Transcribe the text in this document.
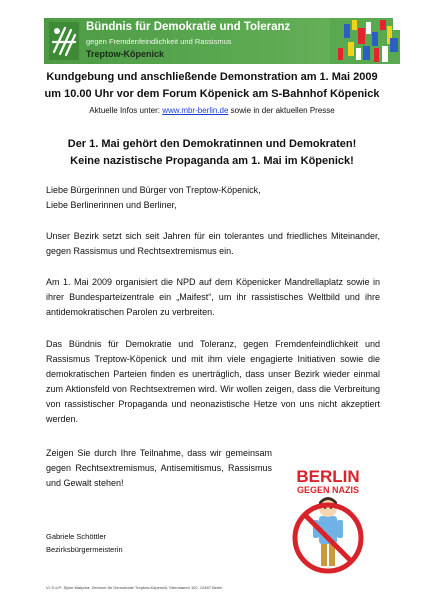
Bündnis für Demokratie und Toleranz
gegen Fremdenfeindlichkeit und Rassismus
Treptow-Köpenick
Kundgebung und anschließende Demonstration am 1. Mai 2009
um 10.00 Uhr vor dem Forum Köpenick am S-Bahnhof Köpenick
Aktuelle Infos unter: www.mbr-berlin.de sowie in der aktuellen Presse
Der 1. Mai gehört den Demokratinnen und Demokraten!
Keine nazistische Propaganda am 1. Mai im Köpenick!

Liebe Bürgerinnen und Bürger von Treptow-Köpenick,

Liebe Berlinerinnen und Berliner,

Unser Bezirk setzt sich seit Jahren für ein tolerantes und friedliches Miteinander, gegen Rassismus und Rechtsextremismus ein.

Am 1. Mai 2009 organisiert die NPD auf dem Köpenicker Mandrellaplatz sowie in ihrer Bundesparteizentrale ein „Maifest“, um ihr rassistisches Weltbild und ihre antidemokratischen Parolen zu verbreiten.

Das Bündnis für Demokratie und Toleranz, gegen Fremdenfeindlichkeit und Rassismus Treptow-Köpenick und mit ihm viele engagierte Initiativen sowie die demokratischen Parteien finden es unerträglich, dass unser Bezirk wieder einmal zum Aktionsfeld von Rechtsextremen wird. Wir wollen zeigen, dass die Verbreitung von rassistischer Propaganda und neonazistische Hetze von uns nicht akzeptiert werden.

Zeigen Sie durch Ihre Teilnahme, dass wir gemeinsam gegen Rechtsextremismus, Antisemitismus, Rassismus und Gewalt stehen!

Gabriele Schöttler
Bezirksbürgermeisterin
BERLIN
GEGEN NAZIS
V.i.S.d.P.: Björn Malycha, Zentrum für Demokratie Treptow-Köpenick, Sterndamm 102, 12487 Berlin
